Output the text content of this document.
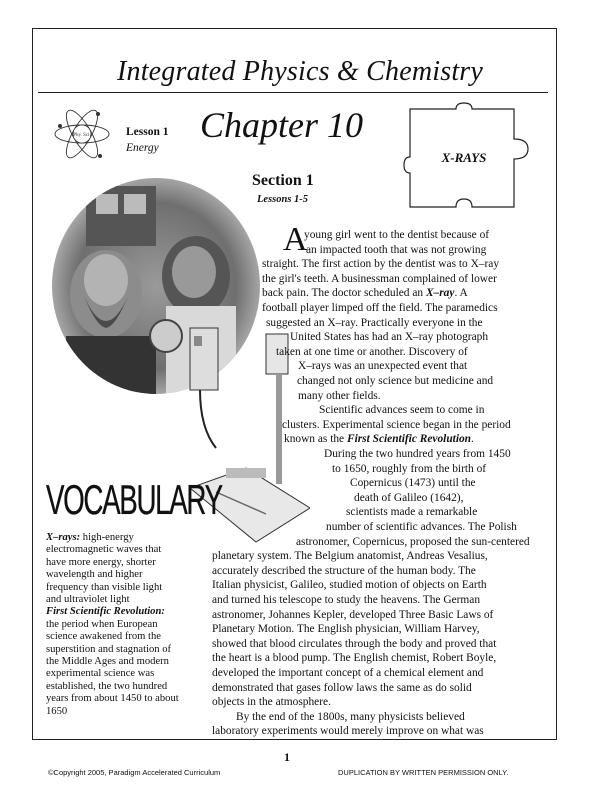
Integrated Physics & Chemistry
Phy. Sci.	Lesson 1
Energy
Chapter 10
X-RAYS
Section 1
Lessons 1-5
VOCABULARY
X–rays: high-energy
electromagnetic waves that
have more energy, shorter
wavelength and higher
frequency than visible light
and ultraviolet light
First Scientific Revolution:
the period when European
science awakened from the
superstition and stagnation of
the Middle Ages and modern
experimental science was
established, the two hundred
years from about 1450 to about
1650
A
young girl went to the dentist because of
an impacted tooth that was not growing
straight. The first action by the dentist was to X–ray
the girl's teeth. A businessman complained of lower
back pain. The doctor scheduled an X–ray. A
football player limped off the field. The paramedics
suggested an X–ray. Practically everyone in the
United States has had an X–ray photograph
taken at one time or another. Discovery of
X–rays was an unexpected event that
changed not only science but medicine and
many other fields.
Scientific advances seem to come in
clusters. Experimental science began in the period
known as the First Scientific Revolution.
During the two hundred years from 1450
to 1650, roughly from the birth of
Copernicus (1473) until the
death of Galileo (1642),
scientists made a remarkable
number of scientific advances. The Polish
astronomer, Copernicus, proposed the sun-centered
planetary system. The Belgium anatomist, Andreas Vesalius,
accurately described the structure of the human body. The
Italian physicist, Galileo, studied motion of objects on Earth
and turned his telescope to study the heavens. The German
astronomer, Johannes Kepler, developed Three Basic Laws of
Planetary Motion. The English physician, William Harvey,
showed that blood circulates through the body and proved that
the heart is a blood pump. The English chemist, Robert Boyle,
developed the important concept of a chemical element and
demonstrated that gases follow laws the same as do solid
objects in the atmosphere.
By the end of the 1800s, many physicists believed
laboratory experiments would merely improve on what was
1
©Copyright 2005, Paradigm Accelerated Curriculum	DUPLICATION BY WRITTEN PERMISSION ONLY.
